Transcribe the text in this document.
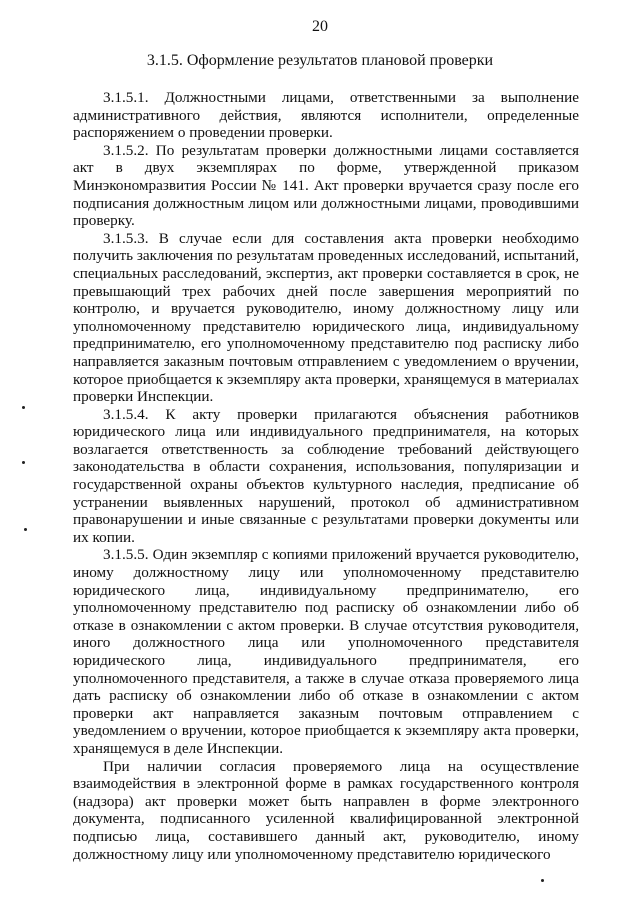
20
3.1.5. Оформление результатов плановой проверки

3.1.5.1. Должностными лицами, ответственными за выполнение административного действия, являются исполнители, определенные распоряжением о проведении проверки.

3.1.5.2. По результатам проверки должностными лицами составляется акт в двух экземплярах по форме, утвержденной приказом Минэкономразвития России № 141. Акт проверки вручается сразу после его подписания должностным лицом или должностными лицами, проводившими проверку.

3.1.5.3. В случае если для составления акта проверки необходимо получить заключения по результатам проведенных исследований, испытаний, специальных расследований, экспертиз, акт проверки составляется в срок, не превышающий трех рабочих дней после завершения мероприятий по контролю, и вручается руководителю, иному должностному лицу или уполномоченному представителю юридического лица, индивидуальному предпринимателю, его уполномоченному представителю под расписку либо направляется заказным почтовым отправлением с уведомлением о вручении, которое приобщается к экземпляру акта проверки, хранящемуся в материалах проверки Инспекции.

3.1.5.4. К акту проверки прилагаются объяснения работников юридического лица или индивидуального предпринимателя, на которых возлагается ответственность за соблюдение требований действующего законодательства в области сохранения, использования, популяризации и государственной охраны объектов культурного наследия, предписание об устранении выявленных нарушений, протокол об административном правонарушении и иные связанные с результатами проверки документы или их копии.

3.1.5.5. Один экземпляр с копиями приложений вручается руководителю, иному должностному лицу или уполномоченному представителю юридического лица, индивидуальному предпринимателю, его уполномоченному представителю под расписку об ознакомлении либо об отказе в ознакомлении с актом проверки. В случае отсутствия руководителя, иного должностного лица или уполномоченного представителя юридического лица, индивидуального предпринимателя, его уполномоченного представителя, а также в случае отказа проверяемого лица дать расписку об ознакомлении либо об отказе в ознакомлении с актом проверки акт направляется заказным почтовым отправлением с уведомлением о вручении, которое приобщается к экземпляру акта проверки, хранящемуся в деле Инспекции.

При наличии согласия проверяемого лица на осуществление взаимодействия в электронной форме в рамках государственного контроля (надзора) акт проверки может быть направлен в форме электронного документа, подписанного усиленной квалифицированной электронной подписью лица, составившего данный акт, руководителю, иному должностному лицу или уполномоченному представителю юридического
